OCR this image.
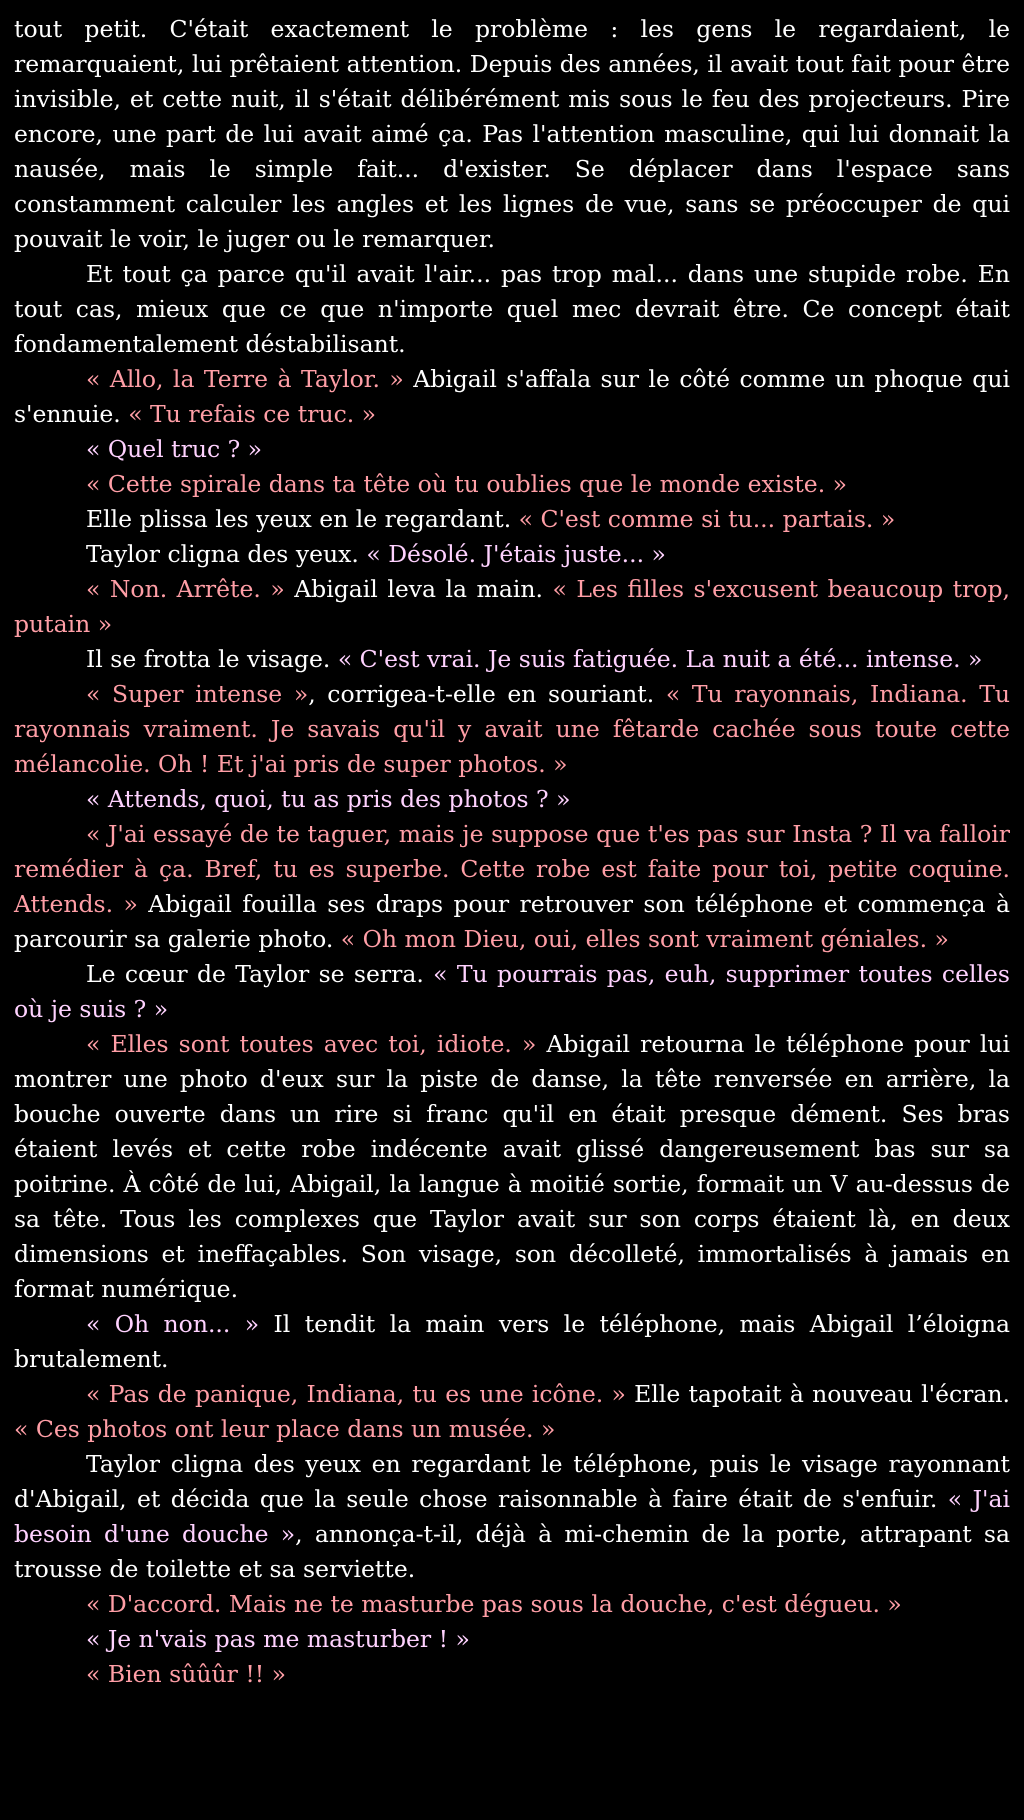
tout petit. C'était exactement le problème : les gens le regardaient, le remarquaient, lui prêtaient attention. Depuis des années, il avait tout fait pour être invisible, et cette nuit, il s'était délibérément mis sous le feu des projecteurs. Pire encore, une part de lui avait aimé ça. Pas l'attention masculine, qui lui donnait la nausée, mais le simple fait... d'exister. Se déplacer dans l'espace sans constamment calculer les angles et les lignes de vue, sans se préoccuper de qui pouvait le voir, le juger ou le remarquer.

Et tout ça parce qu'il avait l'air... pas trop mal... dans une stupide robe. En tout cas, mieux que ce que n'importe quel mec devrait être. Ce concept était fondamentalement déstabilisant.

« Allo, la Terre à Taylor. » Abigail s'affala sur le côté comme un phoque qui s'ennuie. « Tu refais ce truc. »

« Quel truc ? »

« Cette spirale dans ta tête où tu oublies que le monde existe. »

Elle plissa les yeux en le regardant. « C'est comme si tu... partais. »

Taylor cligna des yeux. « Désolé. J'étais juste... »

« Non. Arrête. » Abigail leva la main. « Les filles s'excusent beaucoup trop, putain »

Il se frotta le visage. « C'est vrai. Je suis fatiguée. La nuit a été... intense. »

« Super intense », corrigea-t-elle en souriant. « Tu rayonnais, Indiana. Tu rayonnais vraiment. Je savais qu'il y avait une fêtarde cachée sous toute cette mélancolie. Oh ! Et j'ai pris de super photos. »

« Attends, quoi, tu as pris des photos ? »

« J'ai essayé de te taguer, mais je suppose que t'es pas sur Insta ? Il va falloir remédier à ça. Bref, tu es superbe. Cette robe est faite pour toi, petite coquine. Attends. » Abigail fouilla ses draps pour retrouver son téléphone et commença à parcourir sa galerie photo. « Oh mon Dieu, oui, elles sont vraiment géniales. »

Le cœur de Taylor se serra. « Tu pourrais pas, euh, supprimer toutes celles où je suis ? »

« Elles sont toutes avec toi, idiote. » Abigail retourna le téléphone pour lui montrer une photo d'eux sur la piste de danse, la tête renversée en arrière, la bouche ouverte dans un rire si franc qu'il en était presque dément. Ses bras étaient levés et cette robe indécente avait glissé dangereusement bas sur sa poitrine. À côté de lui, Abigail, la langue à moitié sortie, formait un V au-dessus de sa tête. Tous les complexes que Taylor avait sur son corps étaient là, en deux dimensions et ineffaçables. Son visage, son décolleté, immortalisés à jamais en format numérique.

« Oh non... » Il tendit la main vers le téléphone, mais Abigail l’éloigna brutalement.

« Pas de panique, Indiana, tu es une icône. » Elle tapotait à nouveau l'écran. « Ces photos ont leur place dans un musée. »

Taylor cligna des yeux en regardant le téléphone, puis le visage rayonnant d'Abigail, et décida que la seule chose raisonnable à faire était de s'enfuir. « J'ai besoin d'une douche », annonça-t-il, déjà à mi-chemin de la porte, attrapant sa trousse de toilette et sa serviette.

« D'accord. Mais ne te masturbe pas sous la douche, c'est dégueu. »

« Je n'vais pas me masturber ! »

« Bien sûûûr !! »
